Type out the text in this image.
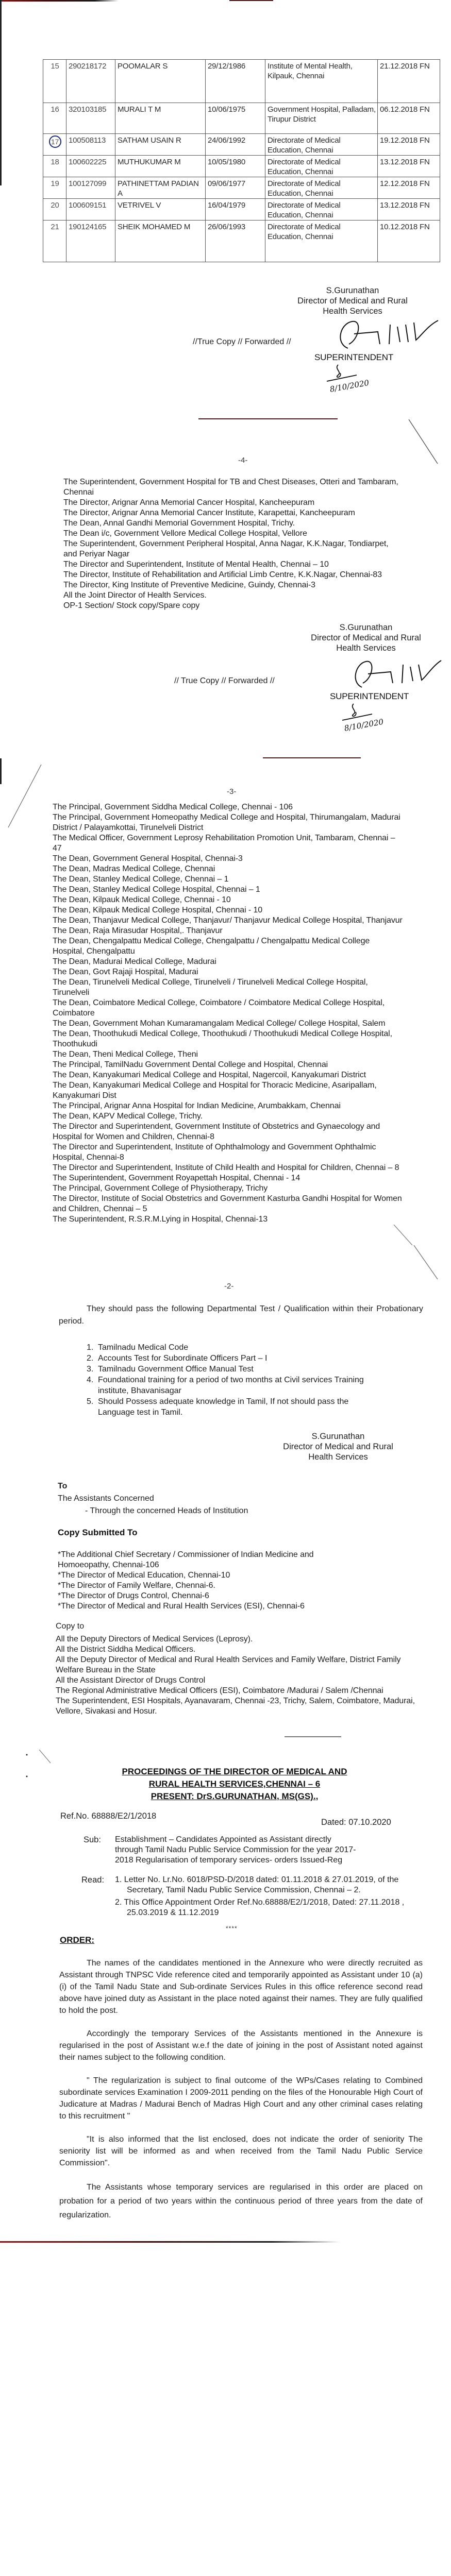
15	290218172	POOMALAR S	29/12/1986	Institute of Mental Health, Kilpauk, Chennai	21.12.2018 FN
16	320103185	MURALI T M	10/06/1975	Government Hospital, Palladam, Tirupur District	06.12.2018 FN
17	100508113	SATHAM USAIN R	24/06/1992	Directorate of Medical Education, Chennai	19.12.2018 FN
18	100602225	MUTHUKUMAR M	10/05/1980	Directorate of Medical Education, Chennai	13.12.2018 FN
19	100127099	PATHINETTAM PADIAN A	09/06/1977	Directorate of Medical Education, Chennai	12.12.2018 FN
20	100609151	VETRIVEL V	16/04/1979	Directorate of Medical Education, Chennai	13.12.2018 FN
21	190124165	SHEIK MOHAMED M	26/06/1993	Directorate of Medical Education, Chennai	10.12.2018 FN
S.Gurunathan
Director of Medical and Rural
Health Services
//True Copy // Forwarded //
SUPERINTENDENT
8/10/2020
-4-
The Superintendent, Government Hospital for TB and Chest Diseases, Otteri and Tambaram, Chennai
The Director, Arignar Anna Memorial Cancer Hospital, Kancheepuram
The Director, Arignar Anna Memorial Cancer Institute, Karapettai, Kancheepuram
The Dean, Annal Gandhi Memorial Government Hospital, Trichy.
The Dean i/c, Government Vellore Medical College Hospital, Vellore
The Superintendent, Government Peripheral Hospital, Anna Nagar, K.K.Nagar, Tondiarpet, and Periyar Nagar
The Director and Superintendent, Institute of Mental Health, Chennai – 10
The Director, Institute of Rehabilitation and Artificial Limb Centre, K.K.Nagar, Chennai-83
The Director, King Institute of Preventive Medicine, Guindy, Chennai-3
All the Joint Director of Health Services.
OP-1 Section/ Stock copy/Spare copy
S.Gurunathan
Director of Medical and Rural
Health Services
// True Copy // Forwarded //
SUPERINTENDENT
8/10/2020
-3-
The Principal, Government Siddha Medical College, Chennai - 106
The Principal, Government Homeopathy Medical College and Hospital, Thirumangalam, Madurai District / Palayamkottai, Tirunelveli District
The Medical Officer, Government Leprosy Rehabilitation Promotion Unit, Tambaram, Chennai – 47
The Dean, Government General Hospital, Chennai-3
The Dean, Madras Medical College, Chennai
The Dean, Stanley Medical College, Chennai – 1
The Dean, Stanley Medical College Hospital, Chennai – 1
The Dean, Kilpauk Medical College, Chennai - 10
The Dean, Kilpauk Medical College Hospital, Chennai - 10
The Dean, Thanjavur Medical College, Thanjavur/ Thanjavur Medical College Hospital, Thanjavur
The Dean, Raja Mirasudar Hospital,. Thanjavur
The Dean, Chengalpattu Medical College, Chengalpattu / Chengalpattu Medical College Hospital, Chengalpattu
The Dean, Madurai Medical College, Madurai
The Dean, Govt Rajaji Hospital, Madurai
The Dean, Tirunelveli Medical College, Tirunelveli / Tirunelveli Medical College Hospital, Tirunelveli
The Dean, Coimbatore Medical College, Coimbatore / Coimbatore Medical College Hospital, Coimbatore
The Dean, Government Mohan Kumaramangalam Medical College/ College Hospital, Salem
The Dean, Thoothukudi Medical College, Thoothukudi / Thoothukudi Medical College Hospital, Thoothukudi
The Dean, Theni Medical College, Theni
The Principal, TamilNadu Government Dental College and Hospital, Chennai
The Dean, Kanyakumari Medical College and Hospital, Nagercoil, Kanyakumari District
The Dean, Kanyakumari Medical College and Hospital for Thoracic Medicine, Asaripallam, Kanyakumari Dist
The Principal, Arignar Anna Hospital for Indian Medicine, Arumbakkam, Chennai
The Dean, KAPV Medical College, Trichy.
The Director and Superintendent, Government Institute of Obstetrics and Gynaecology and Hospital for Women and Children, Chennai-8
The Director and Superintendent, Institute of Ophthalmology and Government Ophthalmic Hospital, Chennai-8
The Director and Superintendent, Institute of Child Health and Hospital for Children, Chennai – 8
The Superintendent, Government Royapettah Hospital, Chennai - 14
The Principal, Government College of Physiotherapy, Trichy
The Director, Institute of Social Obstetrics and Government Kasturba Gandhi Hospital for Women and Children, Chennai – 5
The Superintendent, R.S.R.M.Lying in Hospital, Chennai-13
-2-
They should pass the following Departmental Test / Qualification within their Probationary period.
1. Tamilnadu Medical Code
2. Accounts Test for Subordinate Officers Part – I
3. Tamilnadu Government Office Manual Test
4. Foundational training for a period of two months at Civil services Training institute, Bhavanisagar
5. Should Possess adequate knowledge in Tamil, If not should pass the Language test in Tamil.
S.Gurunathan
Director of Medical and Rural
Health Services
To
The Assistants Concerned
- Through the concerned Heads of Institution
Copy Submitted To
*The Additional Chief Secretary / Commissioner of Indian Medicine and Homoeopathy, Chennai-106
*The Director of Medical Education, Chennai-10
*The Director of Family Welfare, Chennai-6.
*The Director of Drugs Control, Chennai-6
*The Director of Medical and Rural Health Services (ESI), Chennai-6
Copy to
All the Deputy Directors of Medical Services (Leprosy).
All the District Siddha Medical Officers.
All the Deputy Director of Medical and Rural Health Services and Family Welfare, District Family Welfare Bureau in the State
All the Assistant Director of Drugs Control
The Regional Administrative Medical Officers (ESI), Coimbatore /Madurai / Salem /Chennai
The Superintendent, ESI Hospitals, Ayanavaram, Chennai -23, Trichy, Salem, Coimbatore, Madurai, Vellore, Sivakasi and Hosur.
PROCEEDINGS OF THE DIRECTOR OF MEDICAL AND
RURAL HEALTH SERVICES,CHENNAI – 6
PRESENT: DrS.GURUNATHAN, MS(GS).,
Ref.No. 68888/E2/1/2018
Dated: 07.10.2020
Sub:	Establishment – Candidates Appointed as Assistant directly through Tamil Nadu Public Service Commission for the year 2017-2018 Regularisation of temporary services- orders Issued-Reg
Read:	1. Letter No. Lr.No. 6018/PSD-D/2018 dated: 01.11.2018 & 27.01.2019, of the Secretary, Tamil Nadu Public Service Commission, Chennai – 2.
2. This Office Appointment Order Ref.No.68888/E2/1/2018, Dated: 27.11.2018 , 25.03.2019 & 11.12.2019
****
ORDER:
The names of the candidates mentioned in the Annexure who were directly recruited as Assistant through TNPSC Vide reference cited and temporarily appointed as Assistant under 10 (a)(i) of the Tamil Nadu State and Sub-ordinate Services Rules in this office reference second read above have joined duty as Assistant in the place noted against their names. They are fully qualified to hold the post.
Accordingly the temporary Services of the Assistants mentioned in the Annexure is regularised in the post of Assistant w.e.f the date of joining in the post of Assistant noted against their names subject to the following condition.
" The regularization is subject to final outcome of the WPs/Cases relating to Combined subordinate services Examination I 2009-2011 pending on the files of the Honourable High Court of Judicature at Madras / Madurai Bench of Madras High Court and any other criminal cases relating to this recruitment "
"It is also informed that the list enclosed, does not indicate the order of seniority The seniority list will be informed as and when received from the Tamil Nadu Public Service Commission".
The Assistants whose temporary services are regularised in this order are placed on probation for a period of two years within the continuous period of three years from the date of regularization.
